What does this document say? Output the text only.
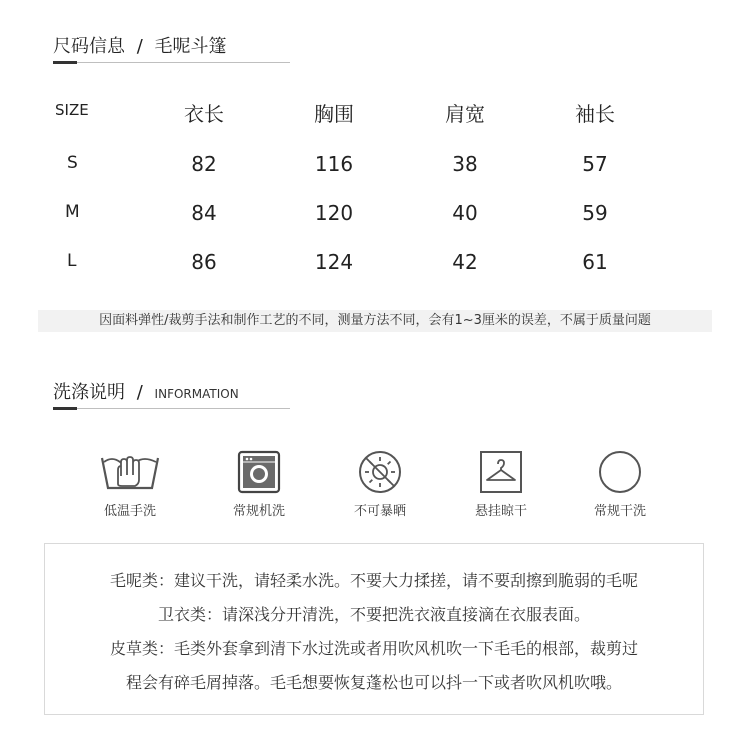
尺码信息 / 毛呢斗篷
SIZE	衣长	胸围	肩宽	袖长
S	82	116	38	57
M	84	120	40	59
L	86	124	42	61
因面料弹性/裁剪手法和制作工艺的不同，测量方法不同，会有1~3厘米的误差，不属于质量问题
洗涤说明 / INFORMATION
低温手洗	常规机洗	不可暴晒	悬挂晾干	常规干洗
毛呢类：建议干洗，请轻柔水洗。不要大力揉搓，请不要刮擦到脆弱的毛呢
卫衣类：请深浅分开清洗，不要把洗衣液直接滴在衣服表面。
皮草类：毛类外套拿到清下水过洗或者用吹风机吹一下毛毛的根部，裁剪过
程会有碎毛屑掉落。毛毛想要恢复蓬松也可以抖一下或者吹风机吹哦。
